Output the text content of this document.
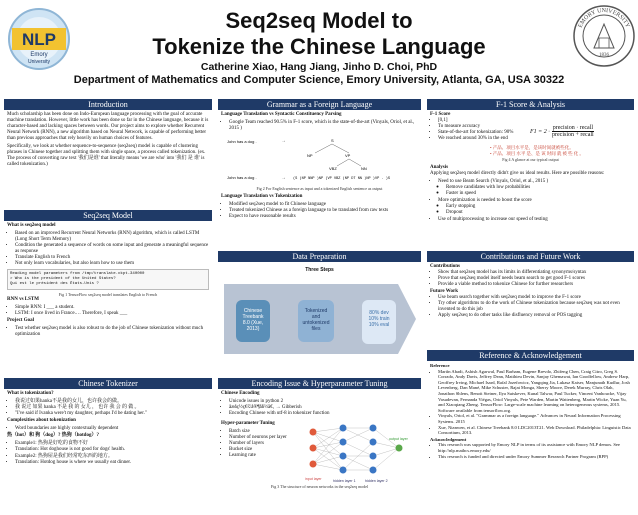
NLP
Emory
University
Seq2seq Model to
Tokenize the Chinese Language
Catherine Xiao, Hang Jiang, Jinho D. Choi, PhD
Department of Mathematics and Computer Science, Emory University, Atlanta, GA, USA 30322
EMORY UNIVERSITY
1836
Introduction

Much scholarship has been done on Indo-European language processing with the goal of accurate machine translation. However, little work has been done so far in the Chinese language, because it is character-based and lacking spaces between words. Our project aims to explore whether Recurrent Neural Network (RNN), a new algorithm based on Neural Network, is capable of performing better than previous approaches that rely heavily on human choices of features.

Specifically, we look at whether sequence-to-sequence (seq2seq) model is capable of clustering phrases in Chinese together and splitting them with single space, a process called tokenization. (ex. The process of converting raw text '我们是谁' that literally means 'we are who' into '我们 是 谁' is called tokenization.)

Seq2seq Model

What is seq2seq model

• Based on an improved Recurrent Neural Networks (RNN) algorithm, which is called LSTM (Long Short Term Memory)
• Condition the generated a sequence of words on some input and generate a meaningful sequence as response
• Translate English to French
• Not only learn vocabularies, but also learn how to use them
Reading model parameters from /tmp/translate.ckpt-340000
> Who is the president of the United States?
Qui est le président des États-Unis ?
Fig 1 TensorFlow seq2seq model translates English to French

RNN vs LSTM

• Simple RNN: I ___ a student.
• LSTM: I once lived in France.… Therefore, I speak ___

Project Goal

• Test whether seq2seq model is also robust to do the job of Chinese tokenization without much optimization
Chinese Tokenizer

What is tokenization?

• 我说过如果hanka不是我的女儿，也许我会的做。
• 我 说过 如果 hanka 不是 我 的 女儿 ， 也许 我 会 的 做 。
• "I've said if Ivanka were't my daughter, perhaps I'd be dating her."

Complexities about tokenization

• Word boundaries are highly contextually dependent

热（hot）和 狗（dog）? 热狗（hotdog）?

• Example1: 热狗是好吃的食物不好
• Translation: Hot doghouse is not good for dogs' health.
• Example2: 热狗屋是我们经常吃东西的地方。
• Translation: Hotdog house is where we usually eat dinner.
Grammar as a Foreign Language

Language Translation vs Syntactic Constituency Parsing

• Google Team reached 90.5% in F-1 score, which is the state-of-the-art (Vinyals, Oriol, et al., 2015 )
John has a dog .	→	S
NP	VP
VBZ	NN
John has a dog .	→ (S (NP NNP )NP (VP VBZ (NP DT NN )NP )VP . )S
Fig 2 For English sentence as input and a tokenized English sentence as output

Language Translation vs Tokenization

• Modified seq2seq model to fit Chinese language
• Treated tokenized Chinese as a foreign language to be translated from raw texts
• Expect to have reasonable results
Data Preparation
Three Steps
Chinese
Treebank
8.0 (Xue,
2013)
Tokenized
and
untokenized
files
80% dev
10% train
10% eval
Encoding Issue & Hyperparameter Tuning

Chinese Encoding

• Unicode issues in python 2
• åæåç½ç€©å®¶å¥½ã€‚ → Gibberish
• Encoding Chinese with utf-8 in tokenizer function

Hyper-parameter Tuning

• Batch size
• Number of neurons per layer
• Number of layers
• Bucket size
• Learning rate
input layer	hidden layer 1	hidden layer 2
output layer
Fig 3 The structure of neuron networks in the seq2seq model
F-1 Score & Analysis

F-1 Score

• [0,1]
• To measure accuracy
• State-of-the-art for tokenization: 90%
• We reached around 30% in the end
F1 = 2 ·
precision · recall
precision + recall
• 产品、项目水平是，是该时间就被些化。
• 产品、项目 水平 是、是 该 时间 就 被 些 化 。
Fig 4 A glance at our typical output

Analysis

Applying seq2seq model directly didn't give us ideal results. Here are possible reasons:

• Need to use Beam Search (Vinyals, Oriol, et al., 2015 )
◦ Remove candidates with low probabilities
◦ Faster in speed
• More optimization is needed to boost the score
◦ Early stopping
◦ Dropout
• Use of multiprocessing to increase our speed of testing
Contributions and Future Work

Contributions

• Show that seq2seq model has its limits in differentiating synonyms/syntax
• Prove that seq2seq model itself needs beam search to get good F-1 scores
• Provide a viable method to tokenize Chinese for further researchers

Future Work

• Use beam search together with seq2seq model to improve the F-1 score
• Try other algorithms to do the work of Chinese tokenization because seq2seq was not even invented to do this job
• Apply seq2seq to do other tasks like disfluency removal or POS tagging
Reference & Acknowledgement

Reference

• Martín Abadi, Ashish Agarwal, Paul Barham, Eugene Brevdo, Zhifeng Chen, Craig Citro, Greg S. Corrado, Andy Davis, Jeffrey Dean, Matthieu Devin, Sanjay Ghemawat, Ian Goodfellow, Andrew Harp, Geoffrey Irving, Michael Isard, Rafal Jozefowicz, Yangqing Jia, Lukasz Kaiser, Manjunath Kudlur, Josh Levenberg, Dan Mané, Mike Schuster, Rajat Monga, Sherry Moore, Derek Murray, Chris Olah, Jonathon Shlens, Benoit Steiner, Ilya Sutskever, Kunal Talwar, Paul Tucker, Vincent Vanhoucke, Vijay Vasudevan, Fernanda Viégas, Oriol Vinyals, Pete Warden, Martin Wattenberg, Martin Wicke, Yuan Yu, and Xiaoqiang Zheng. TensorFlow: Large-scale machine learning on heterogeneous systems, 2015. Software available from tensorflow.org.
• Vinyals, Oriol, et al. "Grammar as a foreign language." Advances in Neural Information Processing Systems. 2015
• Xue, Nianwen, et al. Chinese Treebank 8.0 LDC2013T21. Web Download. Philadelphia: Linguistic Data Consortium, 2013.

Acknowledgement

• This research was supported by Emory NLP in terms of its assistance with Emory NLP demos. See http://nlp.mathcs.emory.edu/
• This research is funded and directed under Emory Summer Research Partner Program (RPP)
